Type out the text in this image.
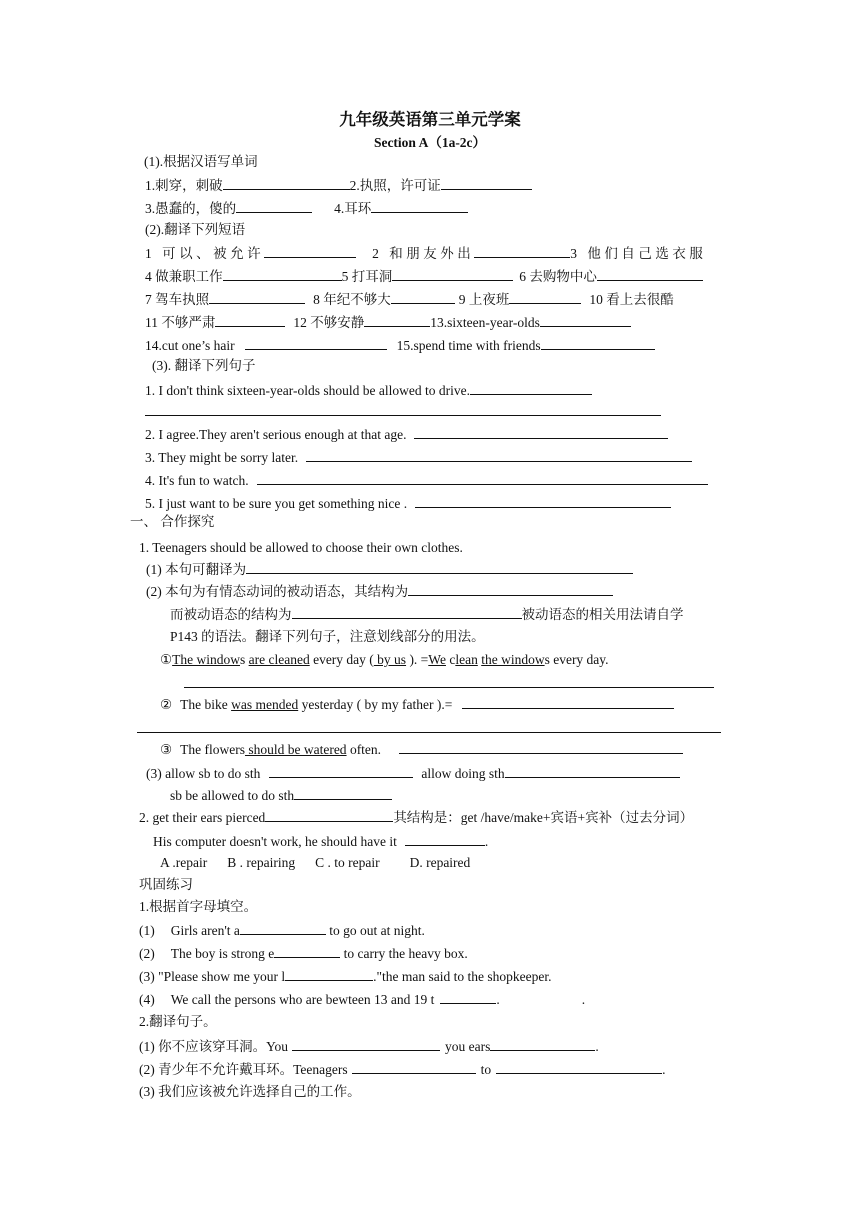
九年级英语第三单元学案
Section A（1a-2c）
(1).根据汉语写单词
1.刺穿，刺破	2.执照，许可证
3.愚蠢的，傻的	4.耳环
(2).翻译下列短语
1 可以、被允许	2 和朋友外出	3 他们自己选衣服
4 做兼职工作	5 打耳洞	6 去购物中心
7 驾车执照	8 年纪不够大	9 上夜班	10 看上去很酷
11 不够严肃	12 不够安静	13.sixteen-year-olds
14.cut one’s hair	15.spend time with friends
(3). 翻译下列句子
1. I don't think sixteen-year-olds should be allowed to drive.
2. I agree.They aren't serious enough at that age.
3. They might be sorry later.
4. It's fun to watch.
5. I just want to be sure you get something nice .
一、 合作探究
1. Teenagers should be allowed to choose their own clothes.
(1) 本句可翻译为
(2) 本句为有情态动词的被动语态，其结构为
而被动语态的结构为	被动语态的相关用法请自学
P143 的语法。翻译下列句子，注意划线部分的用法。
①The windows are cleaned every day ( by us ). =We clean the windows every day.
② The bike was mended yesterday ( by my father ).=
③ The flowers should be watered often.
(3) allow sb to do sth	allow doing sth
sb be allowed to do sth
2. get their ears pierced	其结构是：get /have/make+宾语+宾补（过去分词）
His computer doesn't work, he should have it	.
A .repair B . repairing C . to repair D. repaired
巩固练习
1.根据首字母填空。
(1) Girls aren't a	to go out at night.
(2) The boy is strong e	to carry the heavy box.
(3) "Please show me your l	."the man said to the shopkeeper.
(4) We call the persons who are bewteen 13 and 19 t	.	.
2.翻译句子。
(1) 你不应该穿耳洞。You	you ears	.
(2) 青少年不允许戴耳环。Teenagers	to	.
(3) 我们应该被允许选择自己的工作。
